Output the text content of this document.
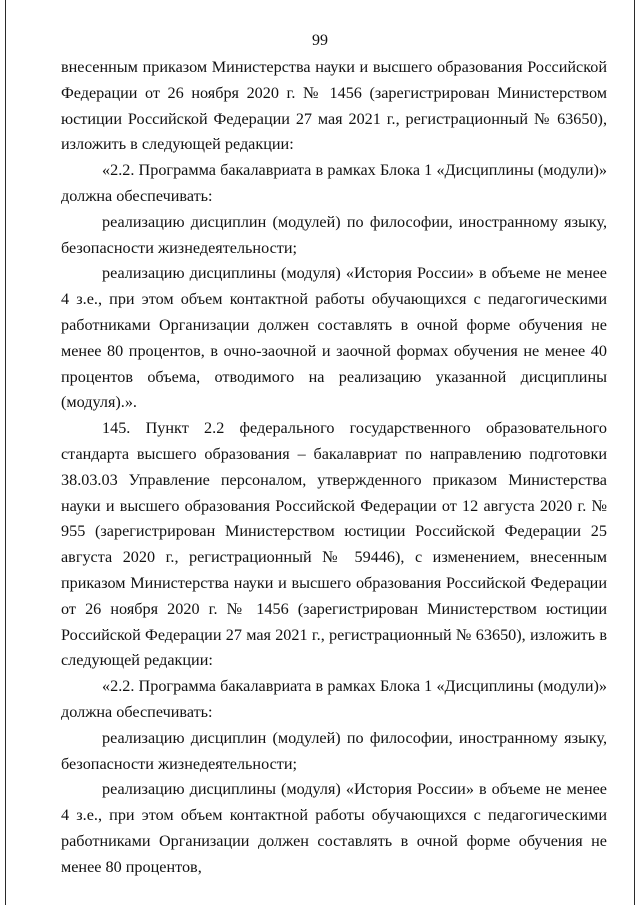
99

внесенным приказом Министерства науки и высшего образования Российской Федерации от 26 ноября 2020 г. № 1456 (зарегистрирован Министерством юстиции Российской Федерации 27 мая 2021 г., регистрационный № 63650), изложить в следующей редакции:

«2.2. Программа бакалавриата в рамках Блока 1 «Дисциплины (модули)» должна обеспечивать:

реализацию дисциплин (модулей) по философии, иностранному языку, безопасности жизнедеятельности;

реализацию дисциплины (модуля) «История России» в объеме не менее 4 з.е., при этом объем контактной работы обучающихся с педагогическими работниками Организации должен составлять в очной форме обучения не менее 80 процентов, в очно-заочной и заочной формах обучения не менее 40 процентов объема, отводимого на реализацию указанной дисциплины (модуля).».

145. Пункт 2.2 федерального государственного образовательного стандарта высшего образования – бакалавриат по направлению подготовки 38.03.03 Управление персоналом, утвержденного приказом Министерства науки и высшего образования Российской Федерации от 12 августа 2020 г. № 955 (зарегистрирован Министерством юстиции Российской Федерации 25 августа 2020 г., регистрационный № 59446), с изменением, внесенным приказом Министерства науки и высшего образования Российской Федерации от 26 ноября 2020 г. № 1456 (зарегистрирован Министерством юстиции Российской Федерации 27 мая 2021 г., регистрационный № 63650), изложить в следующей редакции:

«2.2. Программа бакалавриата в рамках Блока 1 «Дисциплины (модули)» должна обеспечивать:

реализацию дисциплин (модулей) по философии, иностранному языку, безопасности жизнедеятельности;

реализацию дисциплины (модуля) «История России» в объеме не менее 4 з.е., при этом объем контактной работы обучающихся с педагогическими работниками Организации должен составлять в очной форме обучения не менее 80 процентов,
